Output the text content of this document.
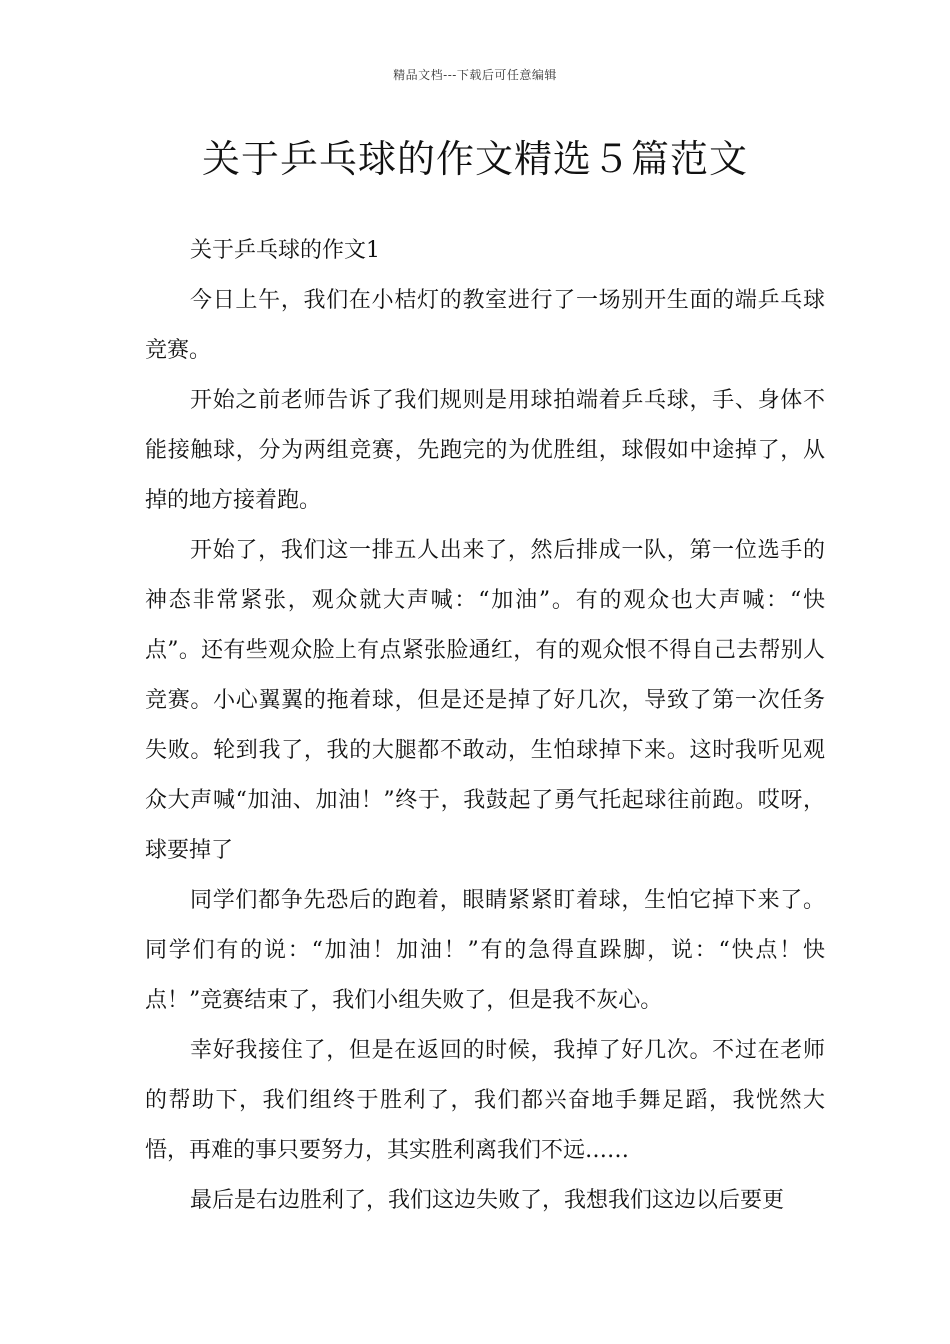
精品文档---下载后可任意编辑
关于乒乓球的作文精选５篇范文

关于乒乓球的作文1

今日上午，我们在小桔灯的教室进行了一场别开生面的端乒乓球竞赛。

开始之前老师告诉了我们规则是用球拍端着乒乓球，手、身体不能接触球，分为两组竞赛，先跑完的为优胜组，球假如中途掉了，从掉的地方接着跑。

开始了，我们这一排五人出来了，然后排成一队，第一位选手的神态非常紧张，观众就大声喊：“加油”。有的观众也大声喊：“快点”。还有些观众脸上有点紧张脸通红，有的观众恨不得自己去帮别人竞赛。小心翼翼的拖着球，但是还是掉了好几次，导致了第一次任务失败。轮到我了，我的大腿都不敢动，生怕球掉下来。这时我听见观众大声喊“加油、加油！”终于，我鼓起了勇气托起球往前跑。哎呀，球要掉了

同学们都争先恐后的跑着，眼睛紧紧盯着球，生怕它掉下来了。同学们有的说：“加油！加油！”有的急得直跺脚，说：“快点！快点！”竞赛结束了，我们小组失败了，但是我不灰心。

幸好我接住了，但是在返回的时候，我掉了好几次。不过在老师的帮助下，我们组终于胜利了，我们都兴奋地手舞足蹈，我恍然大悟，再难的事只要努力，其实胜利离我们不远……

最后是右边胜利了，我们这边失败了，我想我们这边以后要更
